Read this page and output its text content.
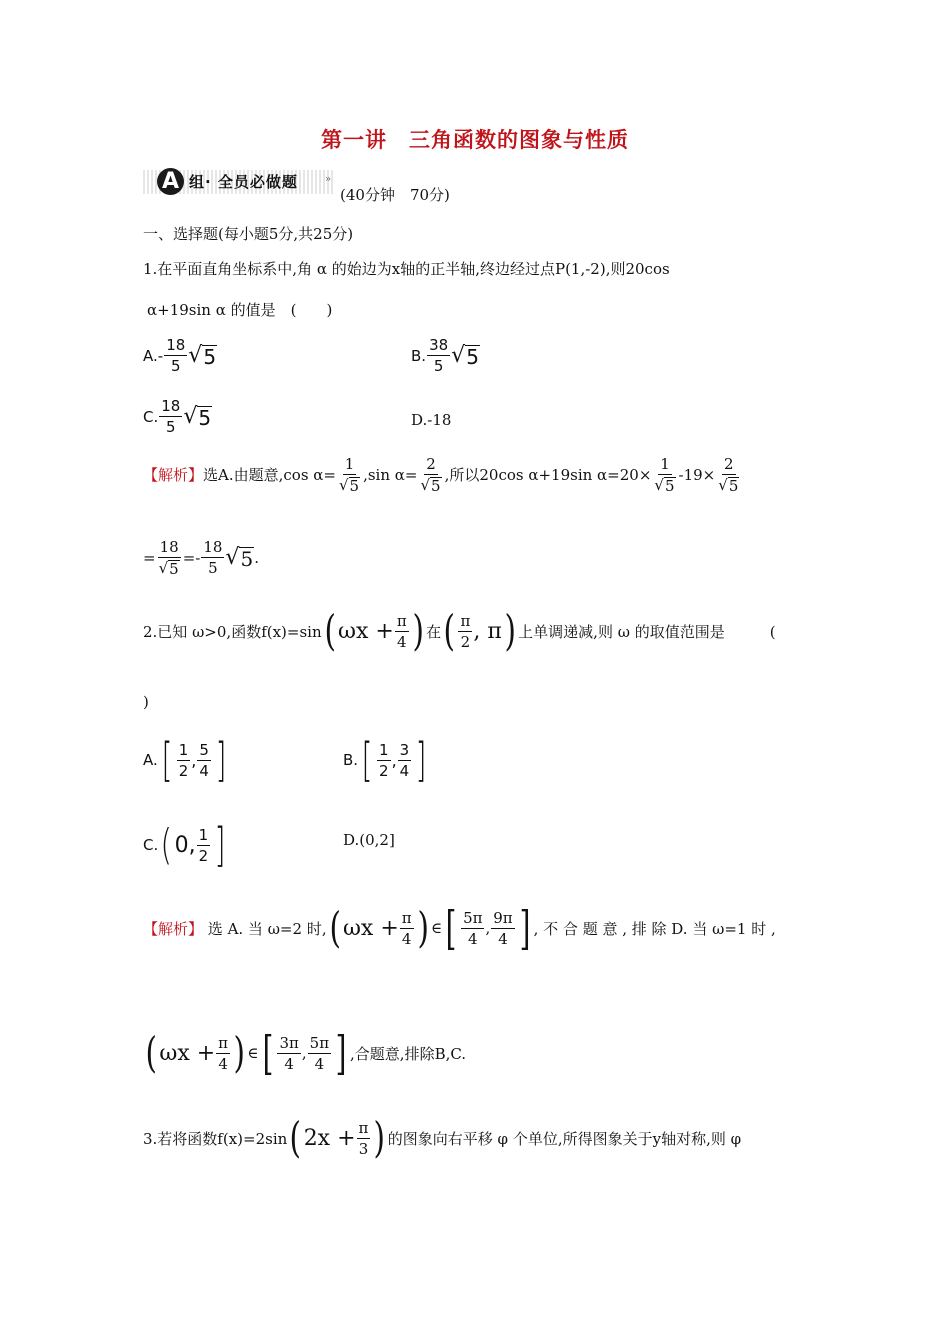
第一讲　三角函数的图象与性质
A 组· 全员必做题	»
(40分钟　70分)
一、选择题(每小题5分,共25分)
1.在平面直角坐标系中,角 α 的始边为x轴的正半轴,终边经过点P(1,-2),则20cos
α+19sin α 的值是　(　　)
$A.- \frac{18}{5}$ √ 5	B. $\frac{38}{5}$ √ 5
C. $\frac{18}{5}$ √ 5	D.-18
【解析】 选A.由题意,cos $\alpha= \frac{1}{√ 5} ,\sin$ $\alpha= \frac{2}{√ 5}$ ,所以20cos α+19sin $\alpha=20\times \frac{1}{√ 5} -19\times \frac{2}{√ 5}$
= $\frac{18}{√ 5} =- \frac{18}{5}$ √ 5 .
2.已知 ω>0,函数f(x)=sin ( $\omega x + \frac{\pi}{4}$ ) 在 ( $\frac{\pi}{2}$ , π ) 上单调递减,则 ω 的取值范围是　　　(
)
A. [ $\frac{1}{2}$ , $\frac{5}{4}$ ]	B. [ $\frac{1}{2}$ , $\frac{3}{4}$ ]
C. ( 0, $\frac{1}{2}$ ]	D.(0,2]
【解析】
选 A. 当 ω=2 时, ( $\omega x + \frac{\pi}{4}$ ) ∈ [ $\frac{5\pi}{4}$ , $\frac{9\pi}{4}$ ] , 不 合 题 意 , 排 除 D. 当 ω=1 时 ,
( $\omega x + \frac{\pi}{4}$ ) ∈ [ $\frac{3\pi}{4}$ , $\frac{5\pi}{4}$ ] ,合题意,排除B,C.
3.若将函数f(x)=2sin ( $2x + \frac{\pi}{3}$ ) 的图象向右平移 φ 个单位,所得图象关于y轴对称,则 φ
